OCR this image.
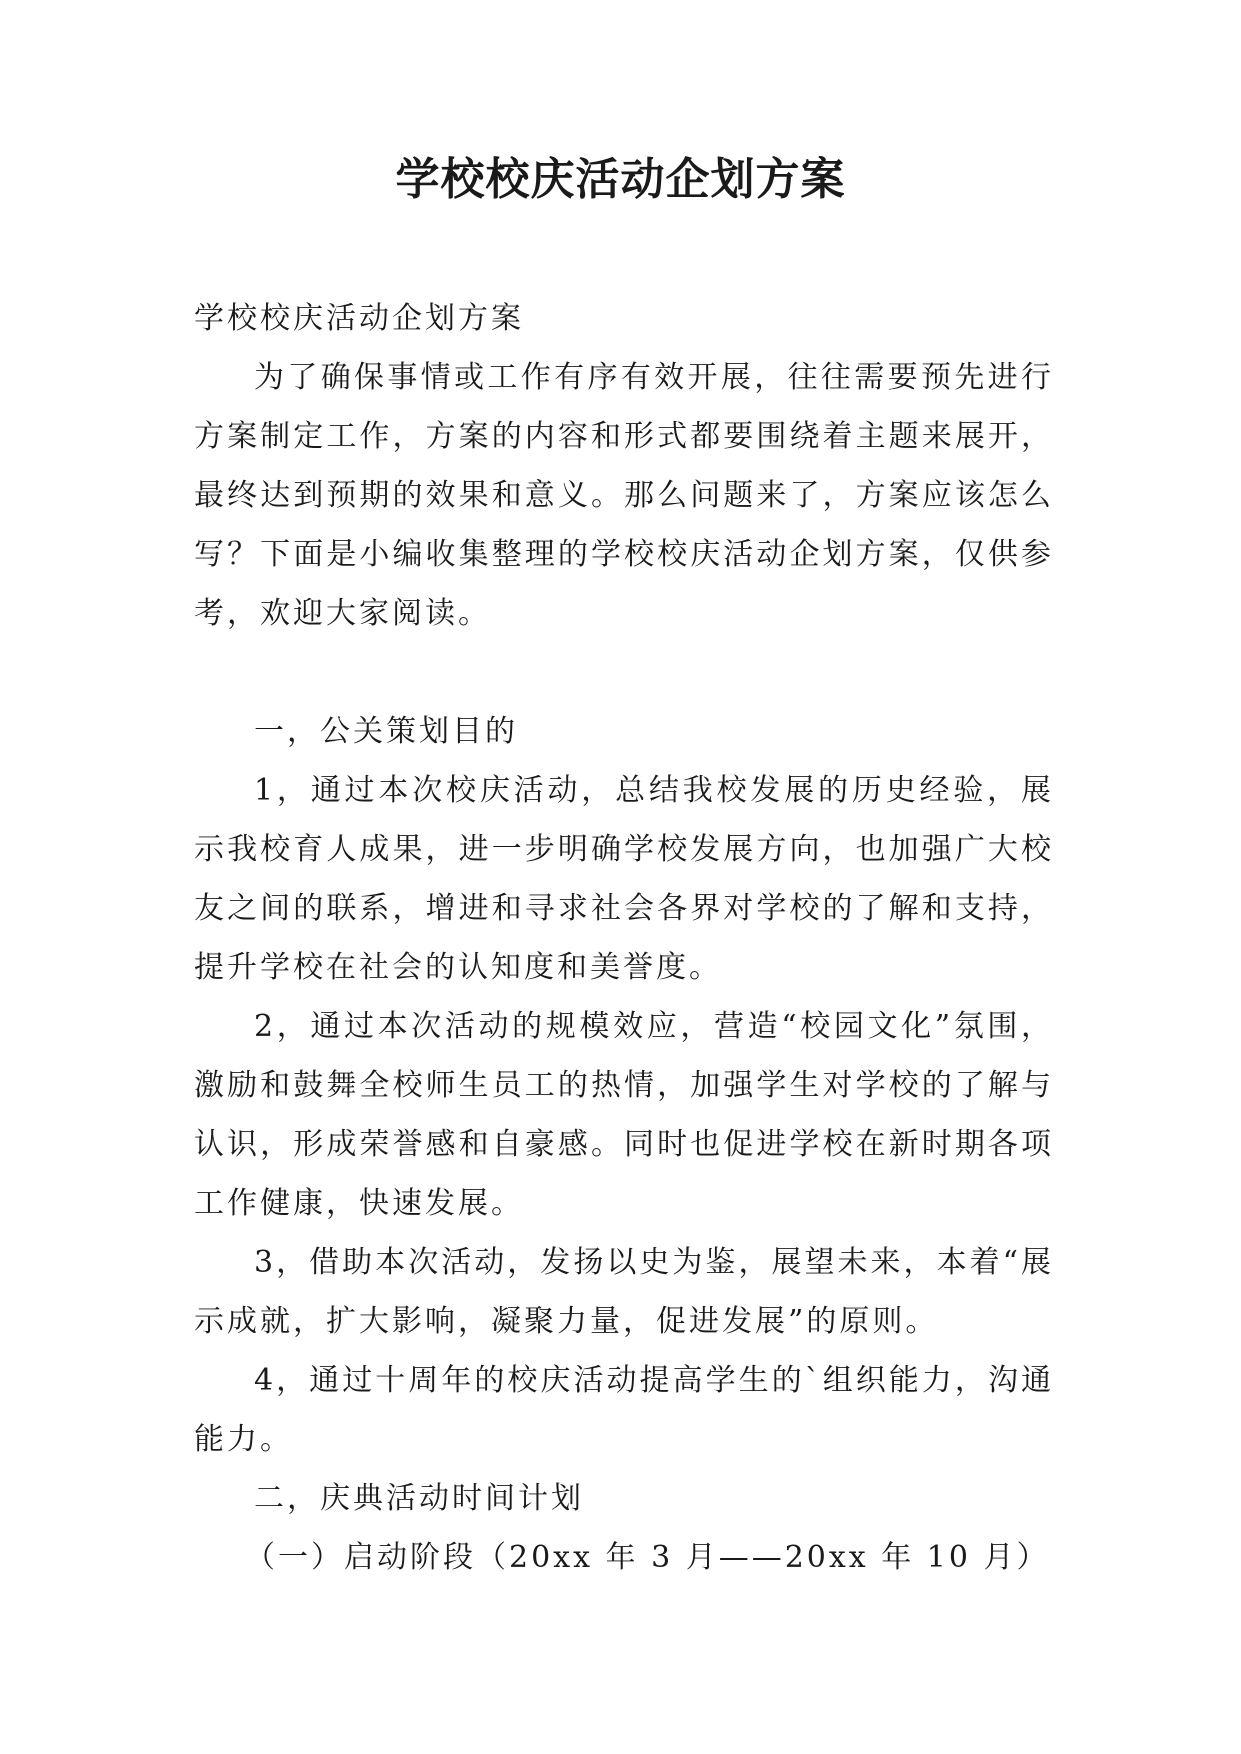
学校校庆活动企划方案

学校校庆活动企划方案

为了确保事情或工作有序有效开展，往往需要预先进行方案制定工作，方案的内容和形式都要围绕着主题来展开，最终达到预期的效果和意义。那么问题来了，方案应该怎么写？下面是小编收集整理的学校校庆活动企划方案，仅供参考，欢迎大家阅读。

一，公关策划目的

1，通过本次校庆活动，总结我校发展的历史经验，展示我校育人成果，进一步明确学校发展方向，也加强广大校友之间的联系，增进和寻求社会各界对学校的了解和支持，提升学校在社会的认知度和美誉度。

2，通过本次活动的规模效应，营造“校园文化”氛围，激励和鼓舞全校师生员工的热情，加强学生对学校的了解与认识，形成荣誉感和自豪感。同时也促进学校在新时期各项工作健康，快速发展。

3，借助本次活动，发扬以史为鉴，展望未来，本着“展示成就，扩大影响，凝聚力量，促进发展”的原则。

4，通过十周年的校庆活动提高学生的`组织能力，沟通能力。

二，庆典活动时间计划

（一）启动阶段（20xx 年 3 月——20xx 年 10 月）
